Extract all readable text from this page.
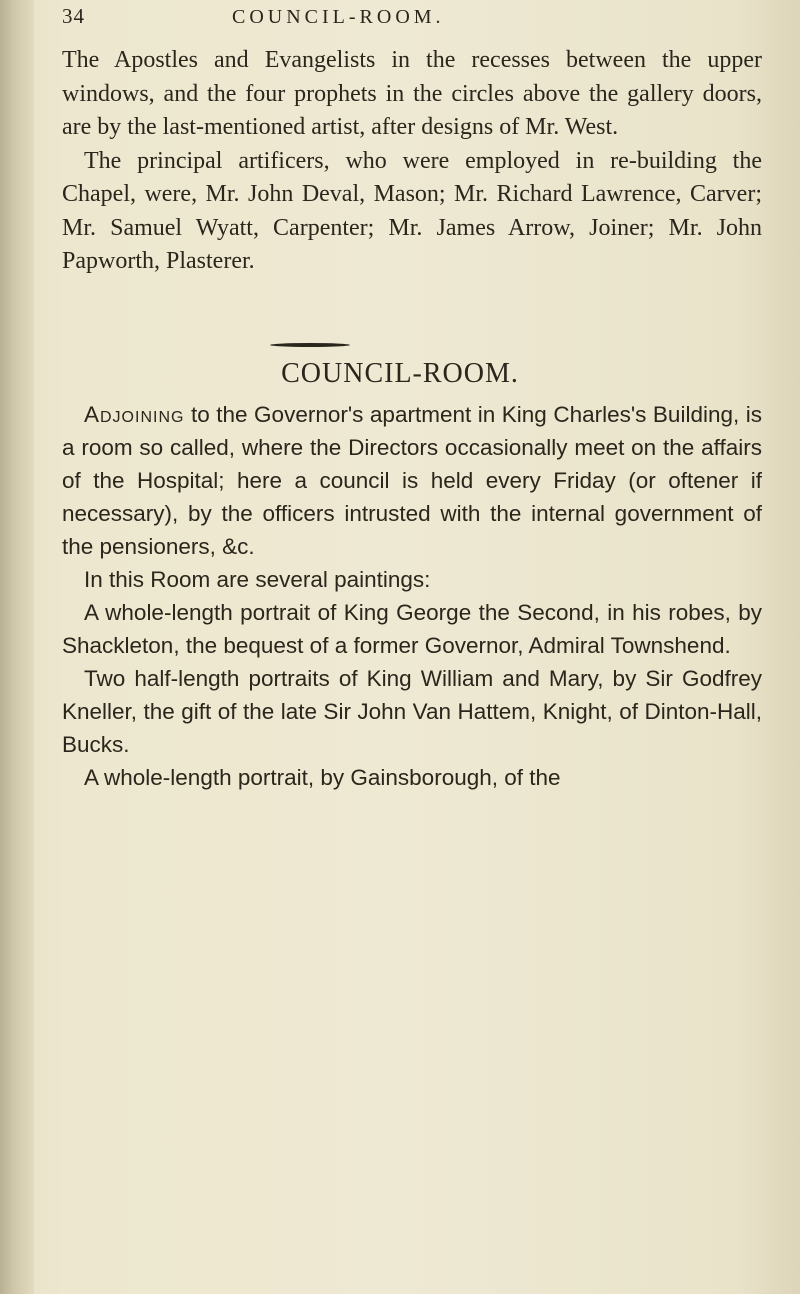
34	COUNCIL-ROOM.

The Apostles and Evangelists in the recesses between the upper windows, and the four prophets in the circles above the gallery doors, are by the last-mentioned artist, after designs of Mr. West.

The principal artificers, who were employed in re-building the Chapel, were, Mr. John Deval, Mason; Mr. Richard Lawrence, Carver; Mr. Samuel Wyatt, Carpenter; Mr. James Arrow, Joiner; Mr. John Papworth, Plasterer.

COUNCIL-ROOM.

Adjoining to the Governor's apartment in King Charles's Building, is a room so called, where the Directors occasionally meet on the affairs of the Hospital; here a council is held every Friday (or oftener if necessary), by the officers intrusted with the internal government of the pensioners, &c.

In this Room are several paintings:

A whole-length portrait of King George the Second, in his robes, by Shackleton, the bequest of a former Governor, Admiral Townshend.

Two half-length portraits of King William and Mary, by Sir Godfrey Kneller, the gift of the late Sir John Van Hattem, Knight, of Dinton-Hall, Bucks.

A whole-length portrait, by Gainsborough, of the
